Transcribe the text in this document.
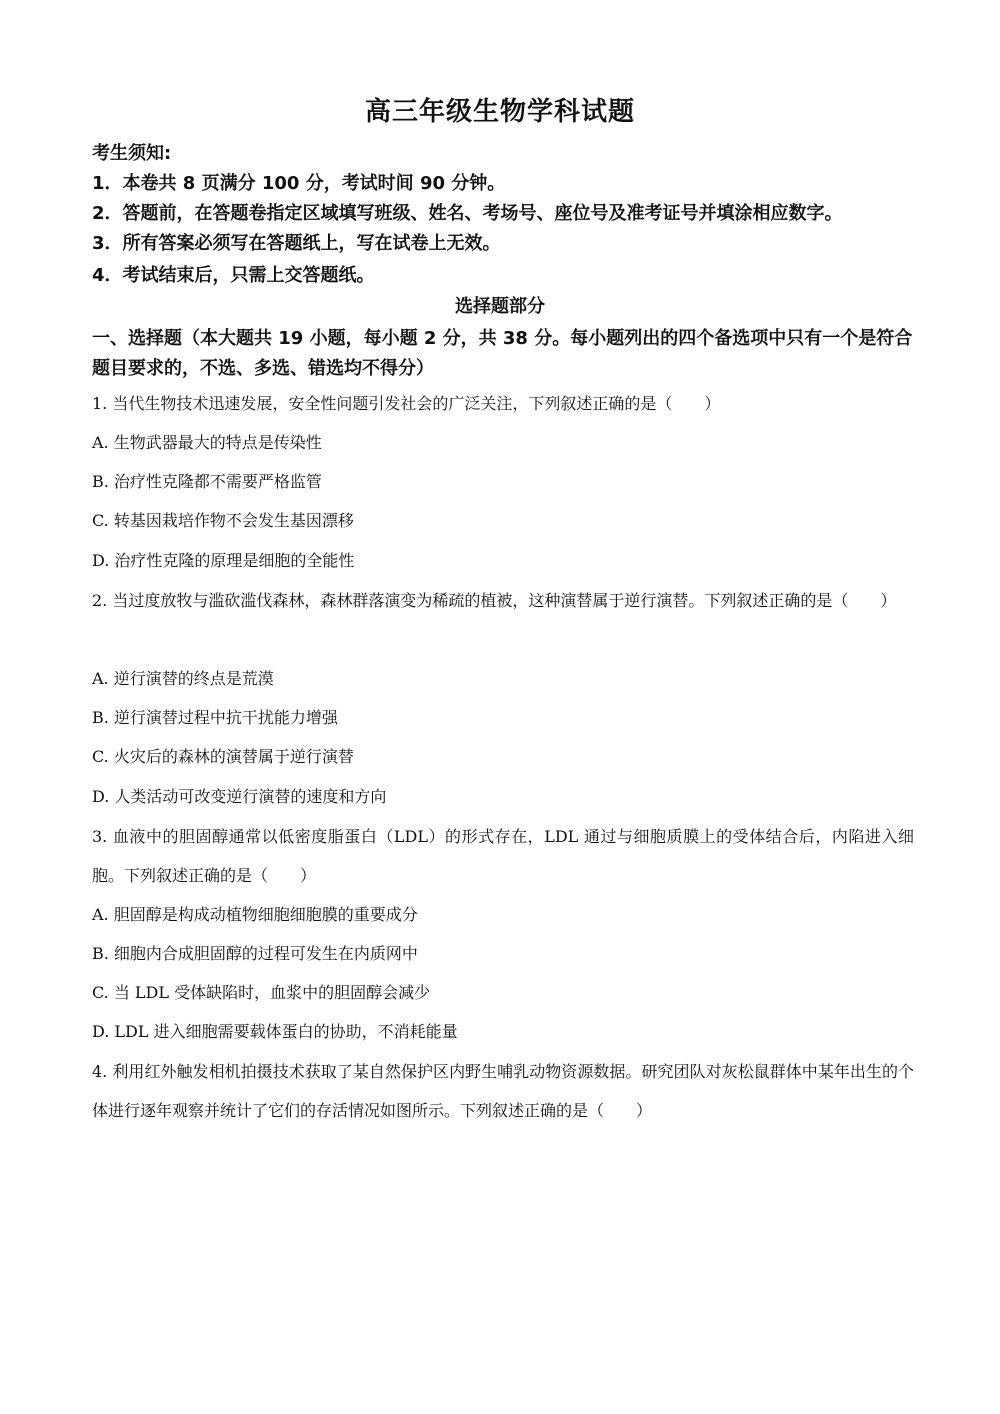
高三年级生物学科试题
考生须知:
1．本卷共 8 页满分 100 分，考试时间 90 分钟。
2．答题前，在答题卷指定区域填写班级、姓名、考场号、座位号及准考证号并填涂相应数字。
3．所有答案必须写在答题纸上，写在试卷上无效。
4．考试结束后，只需上交答题纸。
选择题部分
一、选择题（本大题共 19 小题，每小题 2 分，共 38 分。每小题列出的四个备选项中只有一个是符合题目要求的，不选、多选、错选均不得分）
1. 当代生物技术迅速发展，安全性问题引发社会的广泛关注，下列叙述正确的是（　　）
A. 生物武器最大的特点是传染性
B. 治疗性克隆都不需要严格监管
C. 转基因栽培作物不会发生基因漂移
D. 治疗性克隆的原理是细胞的全能性
2. 当过度放牧与滥砍滥伐森林，森林群落演变为稀疏的植被，这种演替属于逆行演替。下列叙述正确的是（　　）
A. 逆行演替的终点是荒漠
B. 逆行演替过程中抗干扰能力增强
C. 火灾后的森林的演替属于逆行演替
D. 人类活动可改变逆行演替的速度和方向
3. 血液中的胆固醇通常以低密度脂蛋白（LDL）的形式存在，LDL 通过与细胞质膜上的受体结合后，内陷进入细胞。下列叙述正确的是（　　）
A. 胆固醇是构成动植物细胞细胞膜的重要成分
B. 细胞内合成胆固醇的过程可发生在内质网中
C. 当 LDL 受体缺陷时，血浆中的胆固醇会减少
D. LDL 进入细胞需要载体蛋白的协助，不消耗能量
4. 利用红外触发相机拍摄技术获取了某自然保护区内野生哺乳动物资源数据。研究团队对灰松鼠群体中某年出生的个体进行逐年观察并统计了它们的存活情况如图所示。下列叙述正确的是（　　）
